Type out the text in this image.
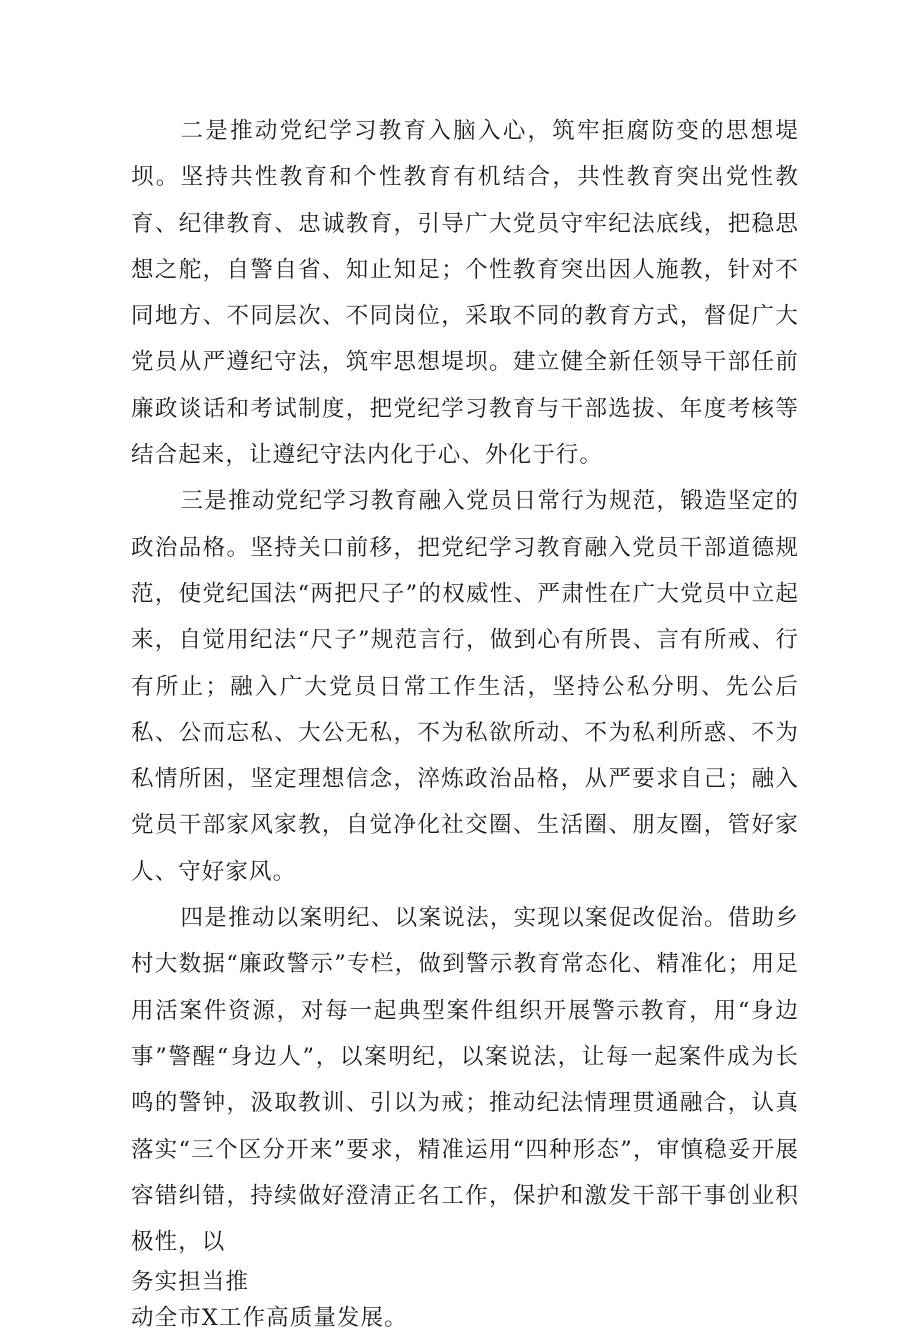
二是推动党纪学习教育入脑入心，筑牢拒腐防变的思想堤坝。坚持共性教育和个性教育有机结合，共性教育突出党性教育、纪律教育、忠诚教育，引导广大党员守牢纪法底线，把稳思想之舵，自警自省、知止知足；个性教育突出因人施教，针对不同地方、不同层次、不同岗位，采取不同的教育方式，督促广大党员从严遵纪守法，筑牢思想堤坝。建立健全新任领导干部任前廉政谈话和考试制度，把党纪学习教育与干部选拔、年度考核等结合起来，让遵纪守法内化于心、外化于行。

三是推动党纪学习教育融入党员日常行为规范，锻造坚定的政治品格。坚持关口前移，把党纪学习教育融入党员干部道德规范，使党纪国法“两把尺子”的权威性、严肃性在广大党员中立起来，自觉用纪法“尺子”规范言行，做到心有所畏、言有所戒、行有所止；融入广大党员日常工作生活，坚持公私分明、先公后私、公而忘私、大公无私，不为私欲所动、不为私利所惑、不为私情所困，坚定理想信念，淬炼政治品格，从严要求自己；融入党员干部家风家教，自觉净化社交圈、生活圈、朋友圈，管好家人、守好家风。

四是推动以案明纪、以案说法，实现以案促改促治。借助乡村大数据“廉政警示”专栏，做到警示教育常态化、精准化；用足用活案件资源，对每一起典型案件组织开展警示教育，用“身边事”警醒“身边人”，以案明纪，以案说法，让每一起案件成为长鸣的警钟，汲取教训、引以为戒；推动纪法情理贯通融合，认真落实“三个区分开来”要求，精准运用“四种形态”，审慎稳妥开展容错纠错，持续做好澄清正名工作，保护和激发干部干事创业积极性，以

务实担当推

动全市X工作高质量发展。
